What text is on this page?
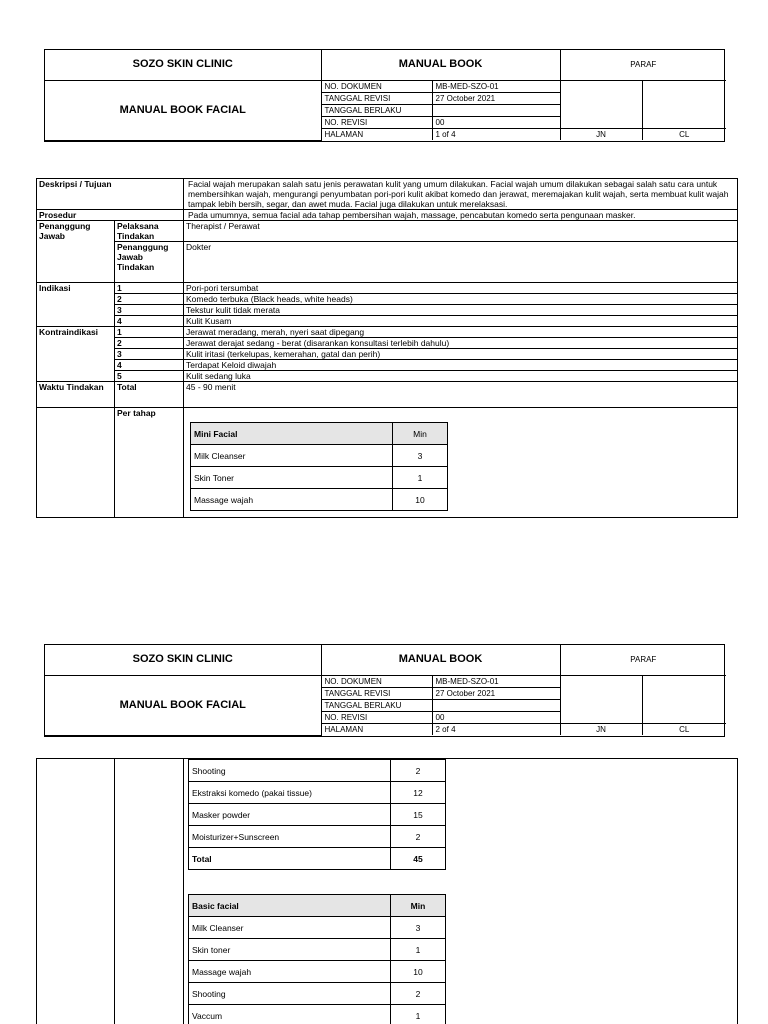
SOZO SKIN CLINIC	MANUAL BOOK		PARAF	
MANUAL BOOK FACIAL	NO. DOKUMEN	MB-MED-SZO-01		
	TANGGAL REVISI	27 October 2021		
	TANGGAL BERLAKU			
	NO. REVISI	00		
	HALAMAN	1 of 4	JN	CL
Deskripsi / Tujuan	Facial wajah merupakan salah satu jenis perawatan kulit yang umum dilakukan. Facial wajah umum dilakukan sebagai salah satu cara untuk membersihkan wajah, mengurangi penyumbatan pori-pori kulit akibat komedo dan jerawat, meremajakan kulit wajah, serta membuat kulit wajah tampak lebih bersih, segar, dan awet muda. Facial juga dilakukan untuk merelaksasi.
Prosedur	Pada umumnya, semua facial ada tahap pembersihan wajah, massage, pencabutan komedo serta pengunaan masker.
Penanggung Jawab	Pelaksana Tindakan	Therapist / Perawat
Penanggung Jawab Tindakan	Dokter
Indikasi	1	Pori-pori tersumbat
2	Komedo terbuka (Black heads, white heads)
3	Tekstur kulit tidak merata
4	Kulit Kusam
Kontraindikasi	1	Jerawat meradang, merah, nyeri saat dipegang
2	Jerawat derajat sedang - berat (disarankan konsultasi terlebih dahulu)
3	Kulit iritasi (terkelupas, kemerahan, gatal dan perih)
4	Terdapat Keloid diwajah
5	Kulit sedang luka
Waktu Tindakan	Total	45 - 90 menit
	Per tahap	
Mini Facial	Min
Milk Cleanser	3
Skin Toner	1
Massage wajah	10
SOZO SKIN CLINIC	MANUAL BOOK		PARAF	
MANUAL BOOK FACIAL	NO. DOKUMEN	MB-MED-SZO-01		
	TANGGAL REVISI	27 October 2021		
	TANGGAL BERLAKU			
	NO. REVISI	00		
	HALAMAN	2 of 4	JN	CL

Shooting	2
Ekstraksi komedo (pakai tissue)	12
Masker powder	15
Moisturizer+Sunscreen	2
Total	45
Basic facial	Min
Milk Cleanser	3
Skin toner	1
Massage wajah	10
Shooting	2
Vaccum	1
